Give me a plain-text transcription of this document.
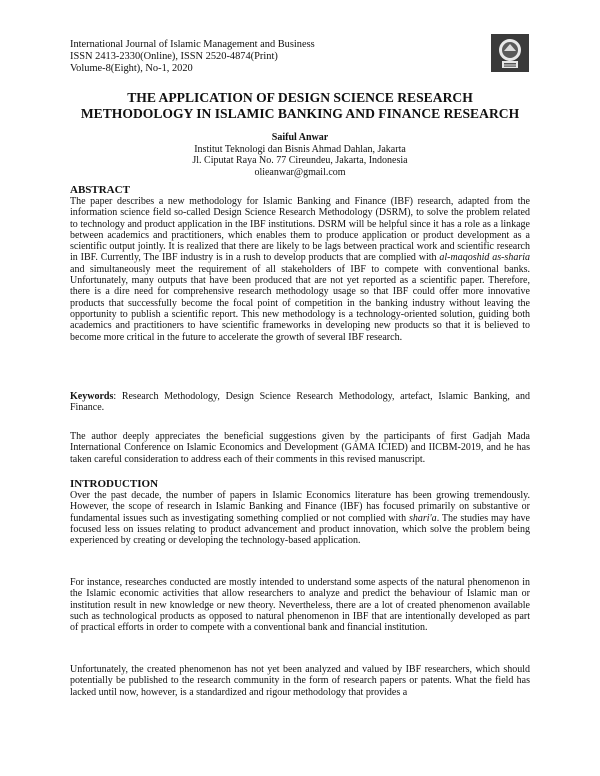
International Journal of Islamic Management and Business
ISSN 2413-2330(Online), ISSN 2520-4874(Print)
Volume-8(Eight), No-1, 2020
THE APPLICATION OF DESIGN SCIENCE RESEARCH
METHODOLOGY IN ISLAMIC BANKING AND FINANCE RESEARCH
Saiful Anwar
Institut Teknologi dan Bisnis Ahmad Dahlan, Jakarta
Jl. Ciputat Raya No. 77 Cireundeu, Jakarta, Indonesia
olieanwar@gmail.com
ABSTRACT
The paper describes a new methodology for Islamic Banking and Finance (IBF) research, adapted from the information science field so-called Design Science Research Methodology (DSRM), to solve the problem related to technology and product application in the IBF institutions. DSRM will be helpful since it has a role as a linkage between academics and practitioners, which enables them to produce application or product development as a scientific output jointly. It is realized that there are likely to be lags between practical work and scientific research in IBF. Currently, The IBF industry is in a rush to develop products that are complied with al-maqoshid as-sharia and simultaneously meet the requirement of all stakeholders of IBF to compete with conventional banks. Unfortunately, many outputs that have been produced that are not yet reported as a scientific paper. Therefore, there is a dire need for comprehensive research methodology usage so that IBF could offer more innovative products that successfully become the focal point of competition in the banking industry without leaving the opportunity to publish a scientific report. This new methodology is a technology-oriented solution, guiding both academics and practitioners to have scientific frameworks in developing new products so that it is believed to become more critical in the future to accelerate the growth of several IBF research.
Keywords: Research Methodology, Design Science Research Methodology, artefact, Islamic Banking, and Finance.
The author deeply appreciates the beneficial suggestions given by the participants of first Gadjah Mada International Conference on Islamic Economics and Development (GAMA ICIED) and IICBM-2019, and he has taken careful consideration to address each of their comments in this revised manuscript.
INTRODUCTION
Over the past decade, the number of papers in Islamic Economics literature has been growing tremendously. However, the scope of research in Islamic Banking and Finance (IBF) has focused primarily on substantive or fundamental issues such as investigating something complied or not complied with shari'a. The studies may have focused less on issues relating to product advancement and product innovation, which solve the problem being experienced by creating or developing the technology-based application.
For instance, researches conducted are mostly intended to understand some aspects of the natural phenomenon in the Islamic economic activities that allow researchers to analyze and predict the behaviour of Islamic man or institution result in new knowledge or new theory. Nevertheless, there are a lot of created phenomenon available such as technological products as opposed to natural phenomenon in IBF that are intentionally developed as part of practical efforts in order to compete with a conventional bank and financial institution.
Unfortunately, the created phenomenon has not yet been analyzed and valued by IBF researchers, which should potentially be published to the research community in the form of research papers or patents. What the field has lacked until now, however, is a standardized and rigour methodology that provides a
